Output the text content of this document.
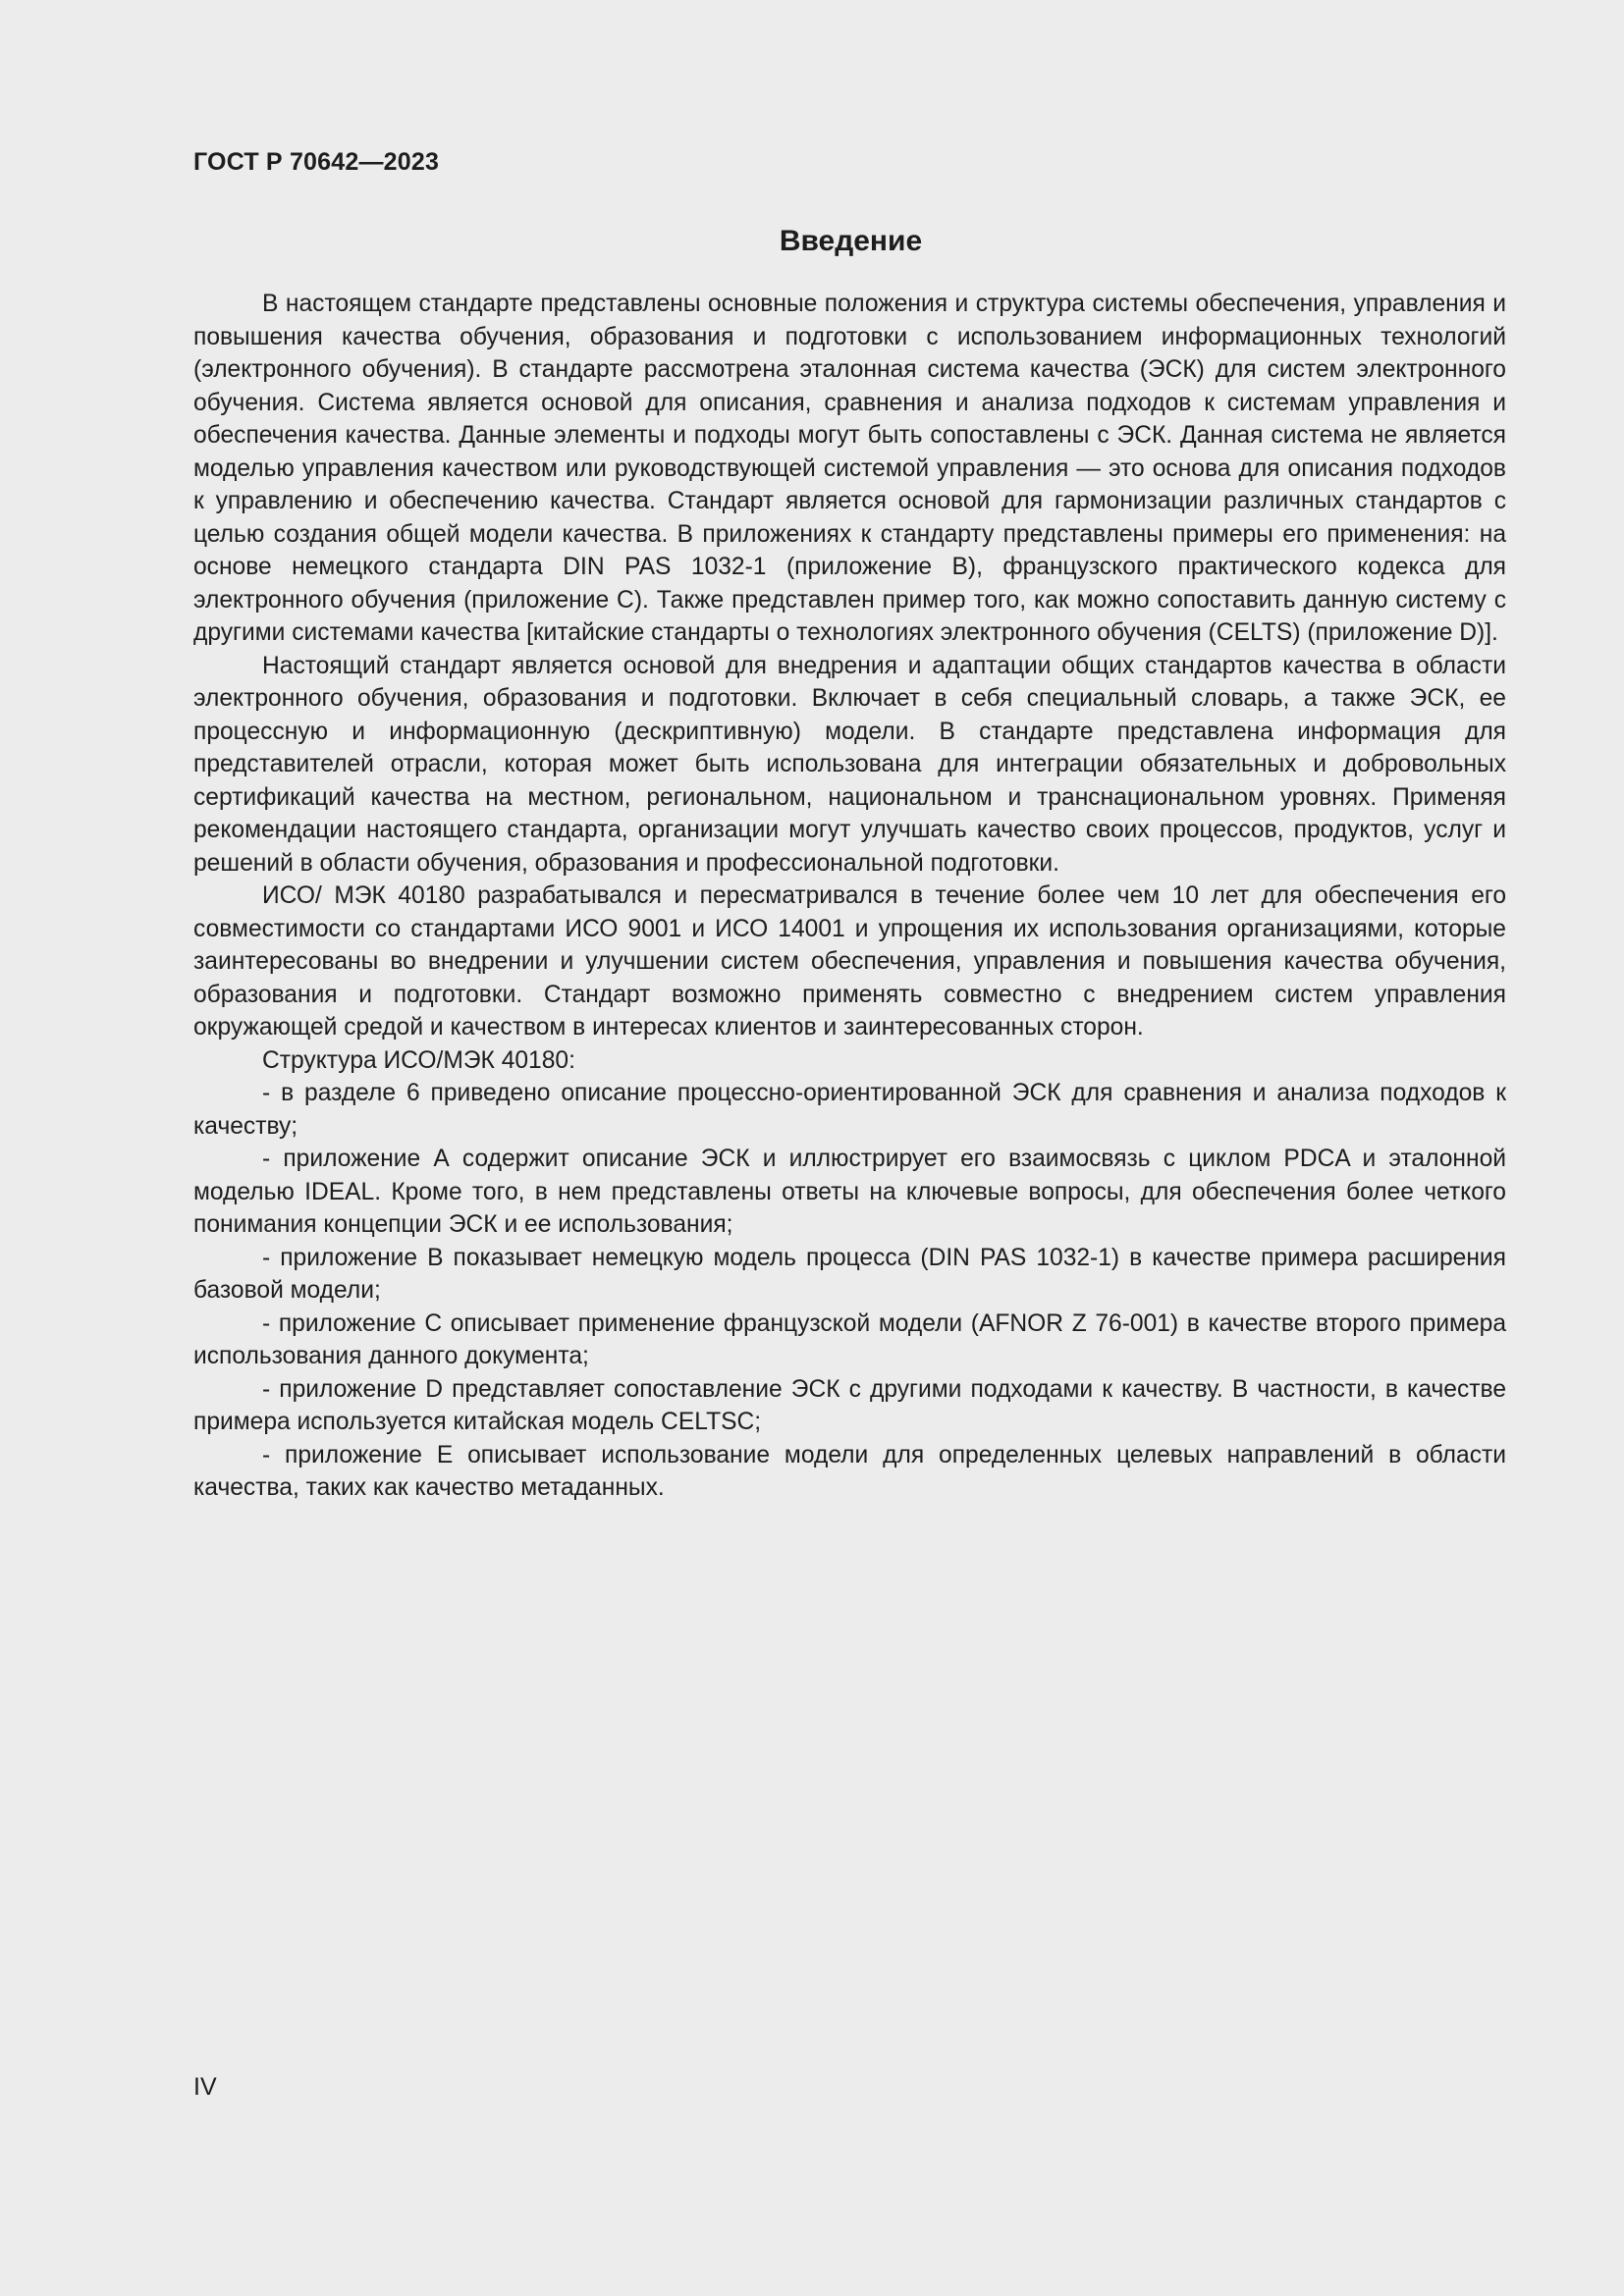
ГОСТ Р 70642—2023
Введение

В настоящем стандарте представлены основные положения и структура системы обеспечения, управления и повышения качества обучения, образования и подготовки с использованием информационных технологий (электронного обучения). В стандарте рассмотрена эталонная система качества (ЭСК) для систем электронного обучения. Система является основой для описания, сравнения и анализа подходов к системам управления и обеспечения качества. Данные элементы и подходы могут быть сопоставлены с ЭСК. Данная система не является моделью управления качеством или руководствующей системой управления — это основа для описания подходов к управлению и обеспечению качества. Стандарт является основой для гармонизации различных стандартов с целью создания общей модели качества. В приложениях к стандарту представлены примеры его применения: на основе немецкого стандарта DIN PAS 1032-1 (приложение В), французского практического кодекса для электронного обучения (приложение С). Также представлен пример того, как можно сопоставить данную систему с другими системами качества [китайские стандарты о технологиях электронного обучения (CELTS) (приложение D)].

Настоящий стандарт является основой для внедрения и адаптации общих стандартов качества в области электронного обучения, образования и подготовки. Включает в себя специальный словарь, а также ЭСК, ее процессную и информационную (дескриптивную) модели. В стандарте представлена информация для представителей отрасли, которая может быть использована для интеграции обязательных и добровольных сертификаций качества на местном, региональном, национальном и транснациональном уровнях. Применяя рекомендации настоящего стандарта, организации могут улучшать качество своих процессов, продуктов, услуг и решений в области обучения, образования и профессиональной подготовки.

ИСО/ МЭК 40180 разрабатывался и пересматривался в течение более чем 10 лет для обеспечения его совместимости со стандартами ИСО 9001 и ИСО 14001 и упрощения их использования организациями, которые заинтересованы во внедрении и улучшении систем обеспечения, управления и повышения качества обучения, образования и подготовки. Стандарт возможно применять совместно с внедрением систем управления окружающей средой и качеством в интересах клиентов и заинтересованных сторон.

Структура ИСО/МЭК 40180:

- в разделе 6 приведено описание процессно-ориентированной ЭСК для сравнения и анализа подходов к качеству;

- приложение А содержит описание ЭСК и иллюстрирует его взаимосвязь с циклом PDCA и эталонной моделью IDEAL. Кроме того, в нем представлены ответы на ключевые вопросы, для обеспечения более четкого понимания концепции ЭСК и ее использования;

- приложение В показывает немецкую модель процесса (DIN PAS 1032-1) в качестве примера расширения базовой модели;

- приложение С описывает применение французской модели (AFNOR Z 76-001) в качестве второго примера использования данного документа;

- приложение D представляет сопоставление ЭСК с другими подходами к качеству. В частности, в качестве примера используется китайская модель CELTSC;

- приложение Е описывает использование модели для определенных целевых направлений в области качества, таких как качество метаданных.

IV
